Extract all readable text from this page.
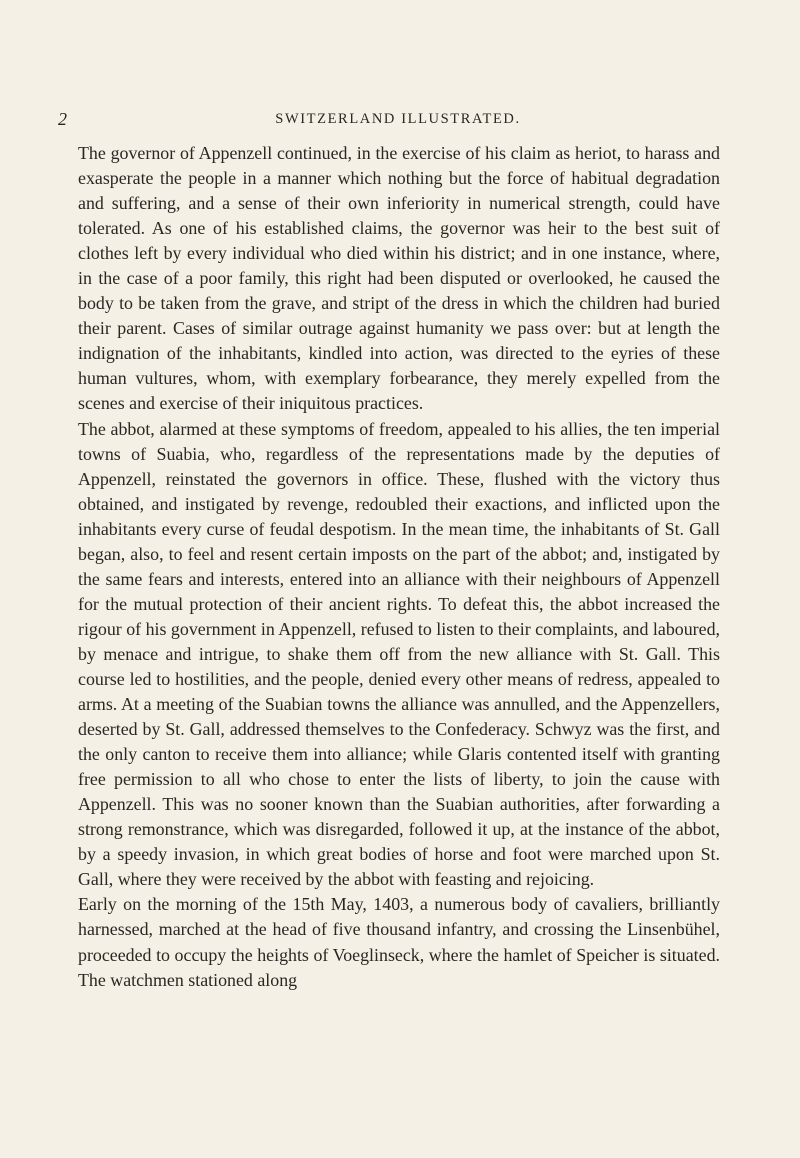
2	SWITZERLAND ILLUSTRATED.

The governor of Appenzell continued, in the exercise of his claim as heriot, to harass and exasperate the people in a manner which nothing but the force of habitual degradation and suffering, and a sense of their own inferiority in numerical strength, could have tolerated. As one of his established claims, the governor was heir to the best suit of clothes left by every individual who died within his district; and in one instance, where, in the case of a poor family, this right had been disputed or overlooked, he caused the body to be taken from the grave, and stript of the dress in which the children had buried their parent. Cases of similar outrage against humanity we pass over: but at length the indignation of the inhabitants, kindled into action, was directed to the eyries of these human vultures, whom, with exemplary forbearance, they merely expelled from the scenes and exercise of their iniquitous practices.

The abbot, alarmed at these symptoms of freedom, appealed to his allies, the ten imperial towns of Suabia, who, regardless of the representations made by the deputies of Appenzell, reinstated the governors in office. These, flushed with the victory thus obtained, and instigated by revenge, redoubled their exactions, and inflicted upon the inhabitants every curse of feudal despotism. In the mean time, the inhabitants of St. Gall began, also, to feel and resent certain imposts on the part of the abbot; and, instigated by the same fears and interests, entered into an alliance with their neighbours of Appenzell for the mutual protection of their ancient rights. To defeat this, the abbot increased the rigour of his government in Appenzell, refused to listen to their complaints, and laboured, by menace and intrigue, to shake them off from the new alliance with St. Gall. This course led to hostilities, and the people, denied every other means of redress, appealed to arms. At a meeting of the Suabian towns the alliance was annulled, and the Appenzellers, deserted by St. Gall, addressed themselves to the Confederacy. Schwyz was the first, and the only canton to receive them into alliance; while Glaris contented itself with granting free permission to all who chose to enter the lists of liberty, to join the cause with Appenzell. This was no sooner known than the Suabian authorities, after forwarding a strong remonstrance, which was disregarded, followed it up, at the instance of the abbot, by a speedy invasion, in which great bodies of horse and foot were marched upon St. Gall, where they were received by the abbot with feasting and rejoicing.

Early on the morning of the 15th May, 1403, a numerous body of cavaliers, brilliantly harnessed, marched at the head of five thousand infantry, and crossing the Linsenbühel, proceeded to occupy the heights of Voeglinseck, where the hamlet of Speicher is situated. The watchmen stationed along
